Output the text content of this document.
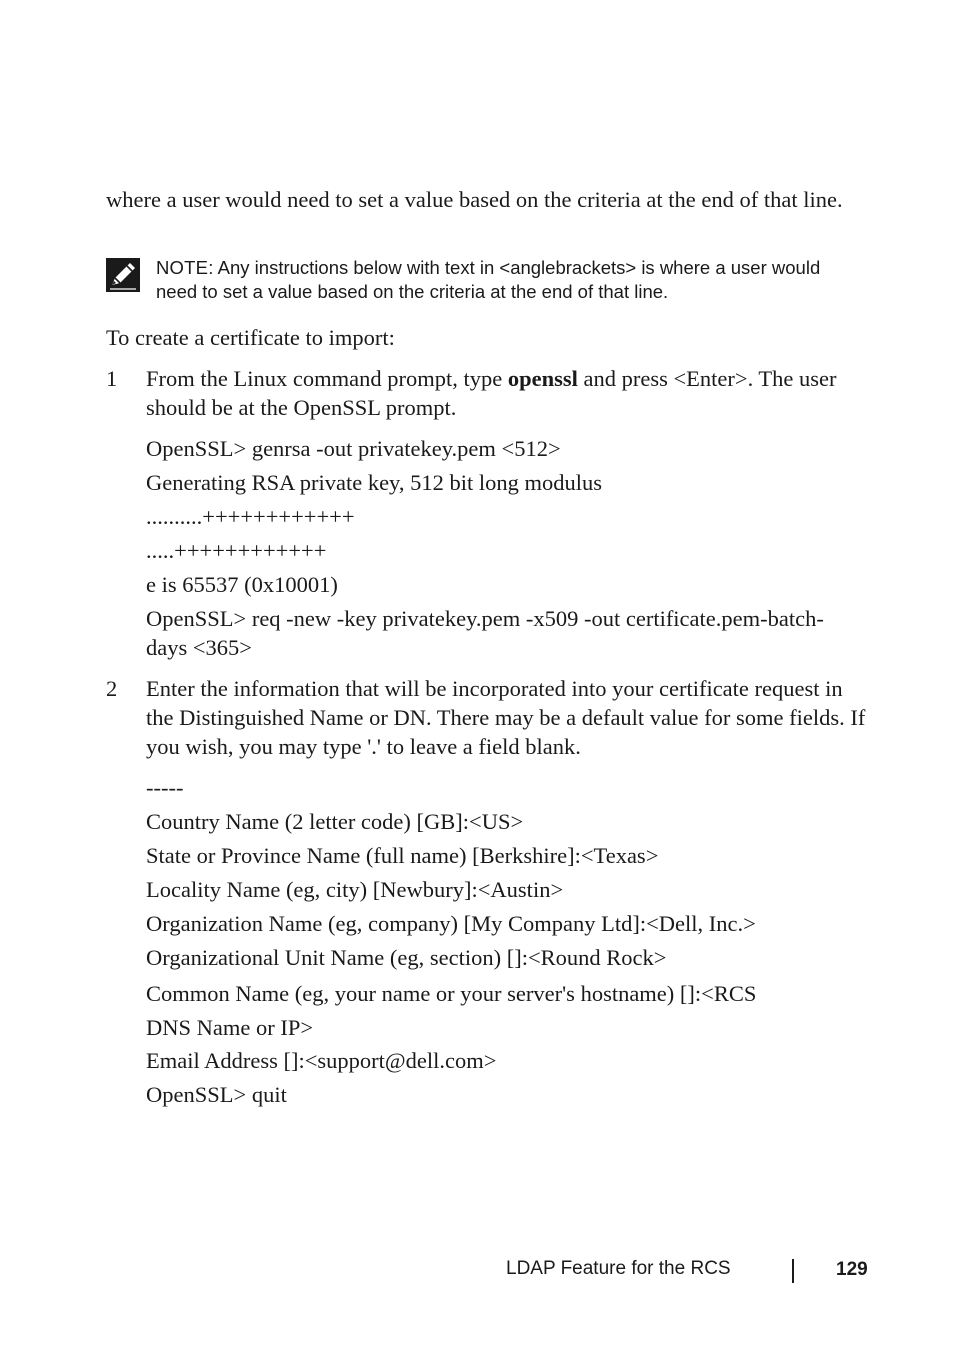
where a user would need to set a value based on the criteria at the end of that line.

NOTE: Any instructions below with text in <anglebrackets> is where a user would need to set a value based on the criteria at the end of that line.

To create a certificate to import:

1 From the Linux command prompt, type openssl and press <Enter>. The user should be at the OpenSSL prompt.

OpenSSL> genrsa -out privatekey.pem <512>

Generating RSA private key, 512 bit long modulus

..........++++++++++++

.....++++++++++++

e is 65537 (0x10001)

OpenSSL> req -new -key privatekey.pem -x509 -out certificate.pem-batch-days <365>

2 Enter the information that will be incorporated into your certificate request in the Distinguished Name or DN. There may be a default value for some fields. If you wish, you may type '.' to leave a field blank.

-----

Country Name (2 letter code) [GB]:<US>

State or Province Name (full name) [Berkshire]:<Texas>

Locality Name (eg, city) [Newbury]:<Austin>

Organization Name (eg, company) [My Company Ltd]:<Dell, Inc.>

Organizational Unit Name (eg, section) []:<Round Rock>

Common Name (eg, your name or your server's hostname) []:<RCS DNS Name or IP>

Email Address []:<support@dell.com>

OpenSSL> quit

LDAP Feature for the RCS	129
